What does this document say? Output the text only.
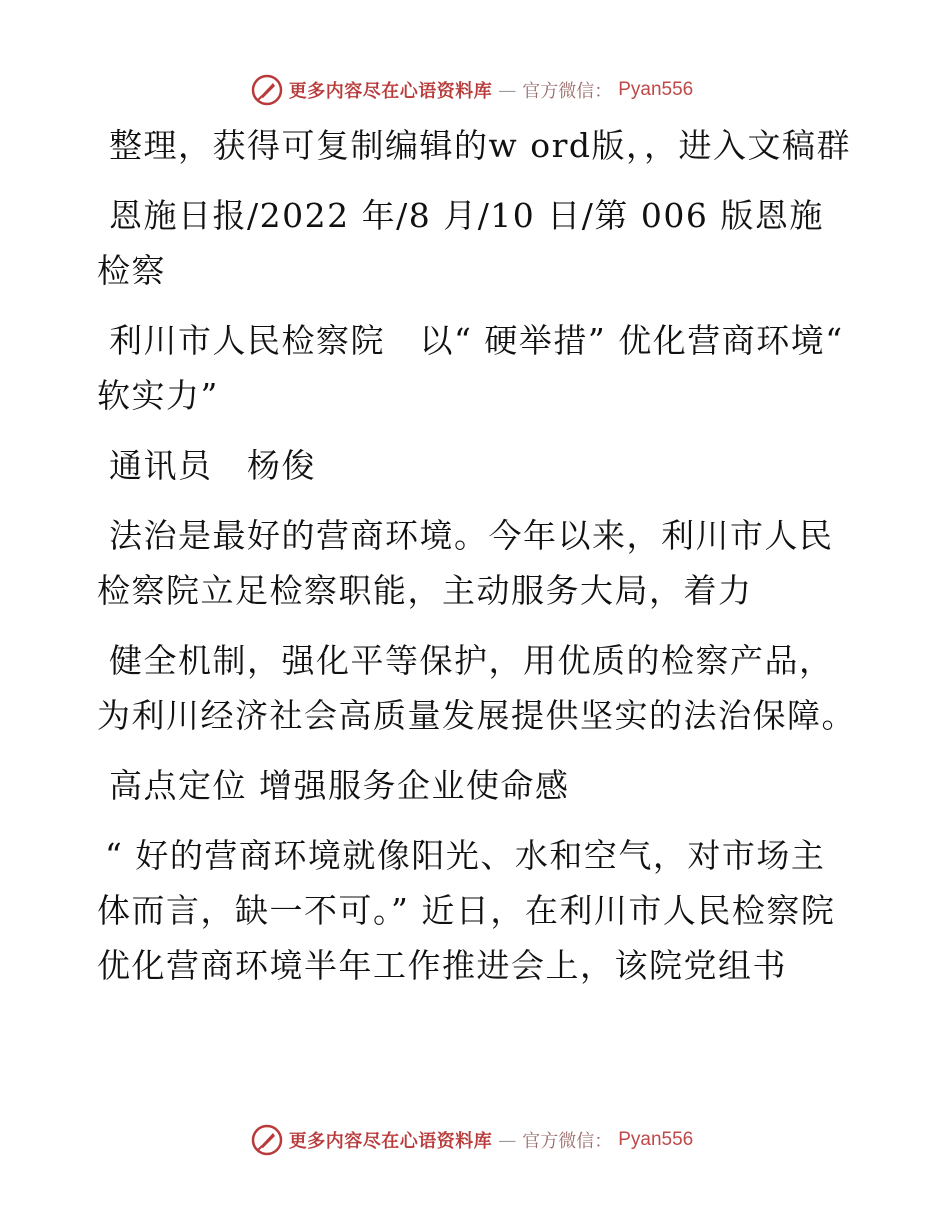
更多内容尽在心语资料库 — 官方微信： Pyan556

整理，获得可复制编辑的w ord版，，进入文稿群

恩施日报/2022 年/8 月/10 日/第 006 版恩施检察

利川市人民检察院　以“ 硬举措” 优化营商环境“ 软实力”

通讯员　杨俊

法治是最好的营商环境。今年以来，利川市人民检察院立足检察职能，主动服务大局，着力

健全机制，强化平等保护，用优质的检察产品，为利川经济社会高质量发展提供坚实的法治保障。

高点定位 增强服务企业使命感

“ 好的营商环境就像阳光、水和空气，对市场主体而言，缺一不可。” 近日，在利川市人民检察院优化营商环境半年工作推进会上，该院党组书

更多内容尽在心语资料库 — 官方微信： Pyan556
